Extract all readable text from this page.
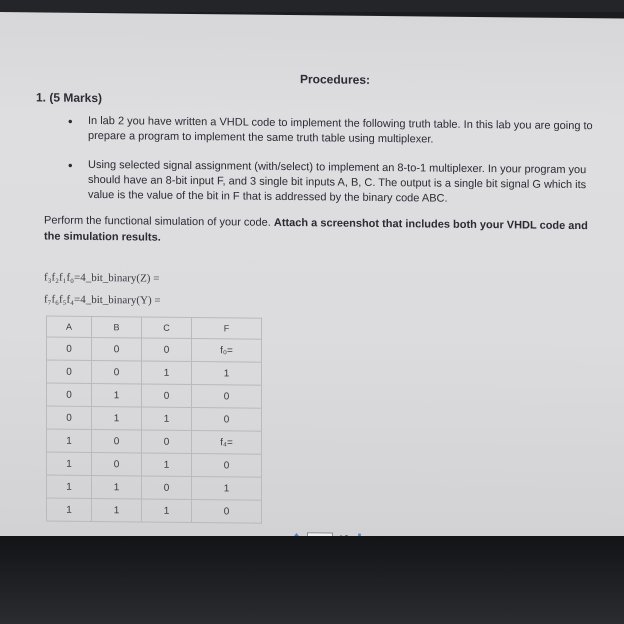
Procedures:
1. (5 Marks)
• In lab 2 you have written a VHDL code to implement the following truth table. In this lab you are going to prepare a program to implement the same truth table using multiplexer.
• Using selected signal assignment (with/select) to implement an 8-to-1 multiplexer. In your program you should have an 8-bit input F, and 3 single bit inputs A, B, C. The output is a single bit signal G which its value is the value of the bit in F that is addressed by the binary code ABC.
Perform the functional simulation of your code. Attach a screenshot that includes both your VHDL code and the simulation results.
f₃f₂f₁f₀=4_bit_binary(Z) =
f₇f₆f₅f₄=4_bit_binary(Y) =
A	B	C	F
0	0	0	f₀=
0	0	1	1
0	1	0	0
0	1	1	0
1	0	0	f₄=
1	0	1	0
1	1	0	1
1	1	1	0
